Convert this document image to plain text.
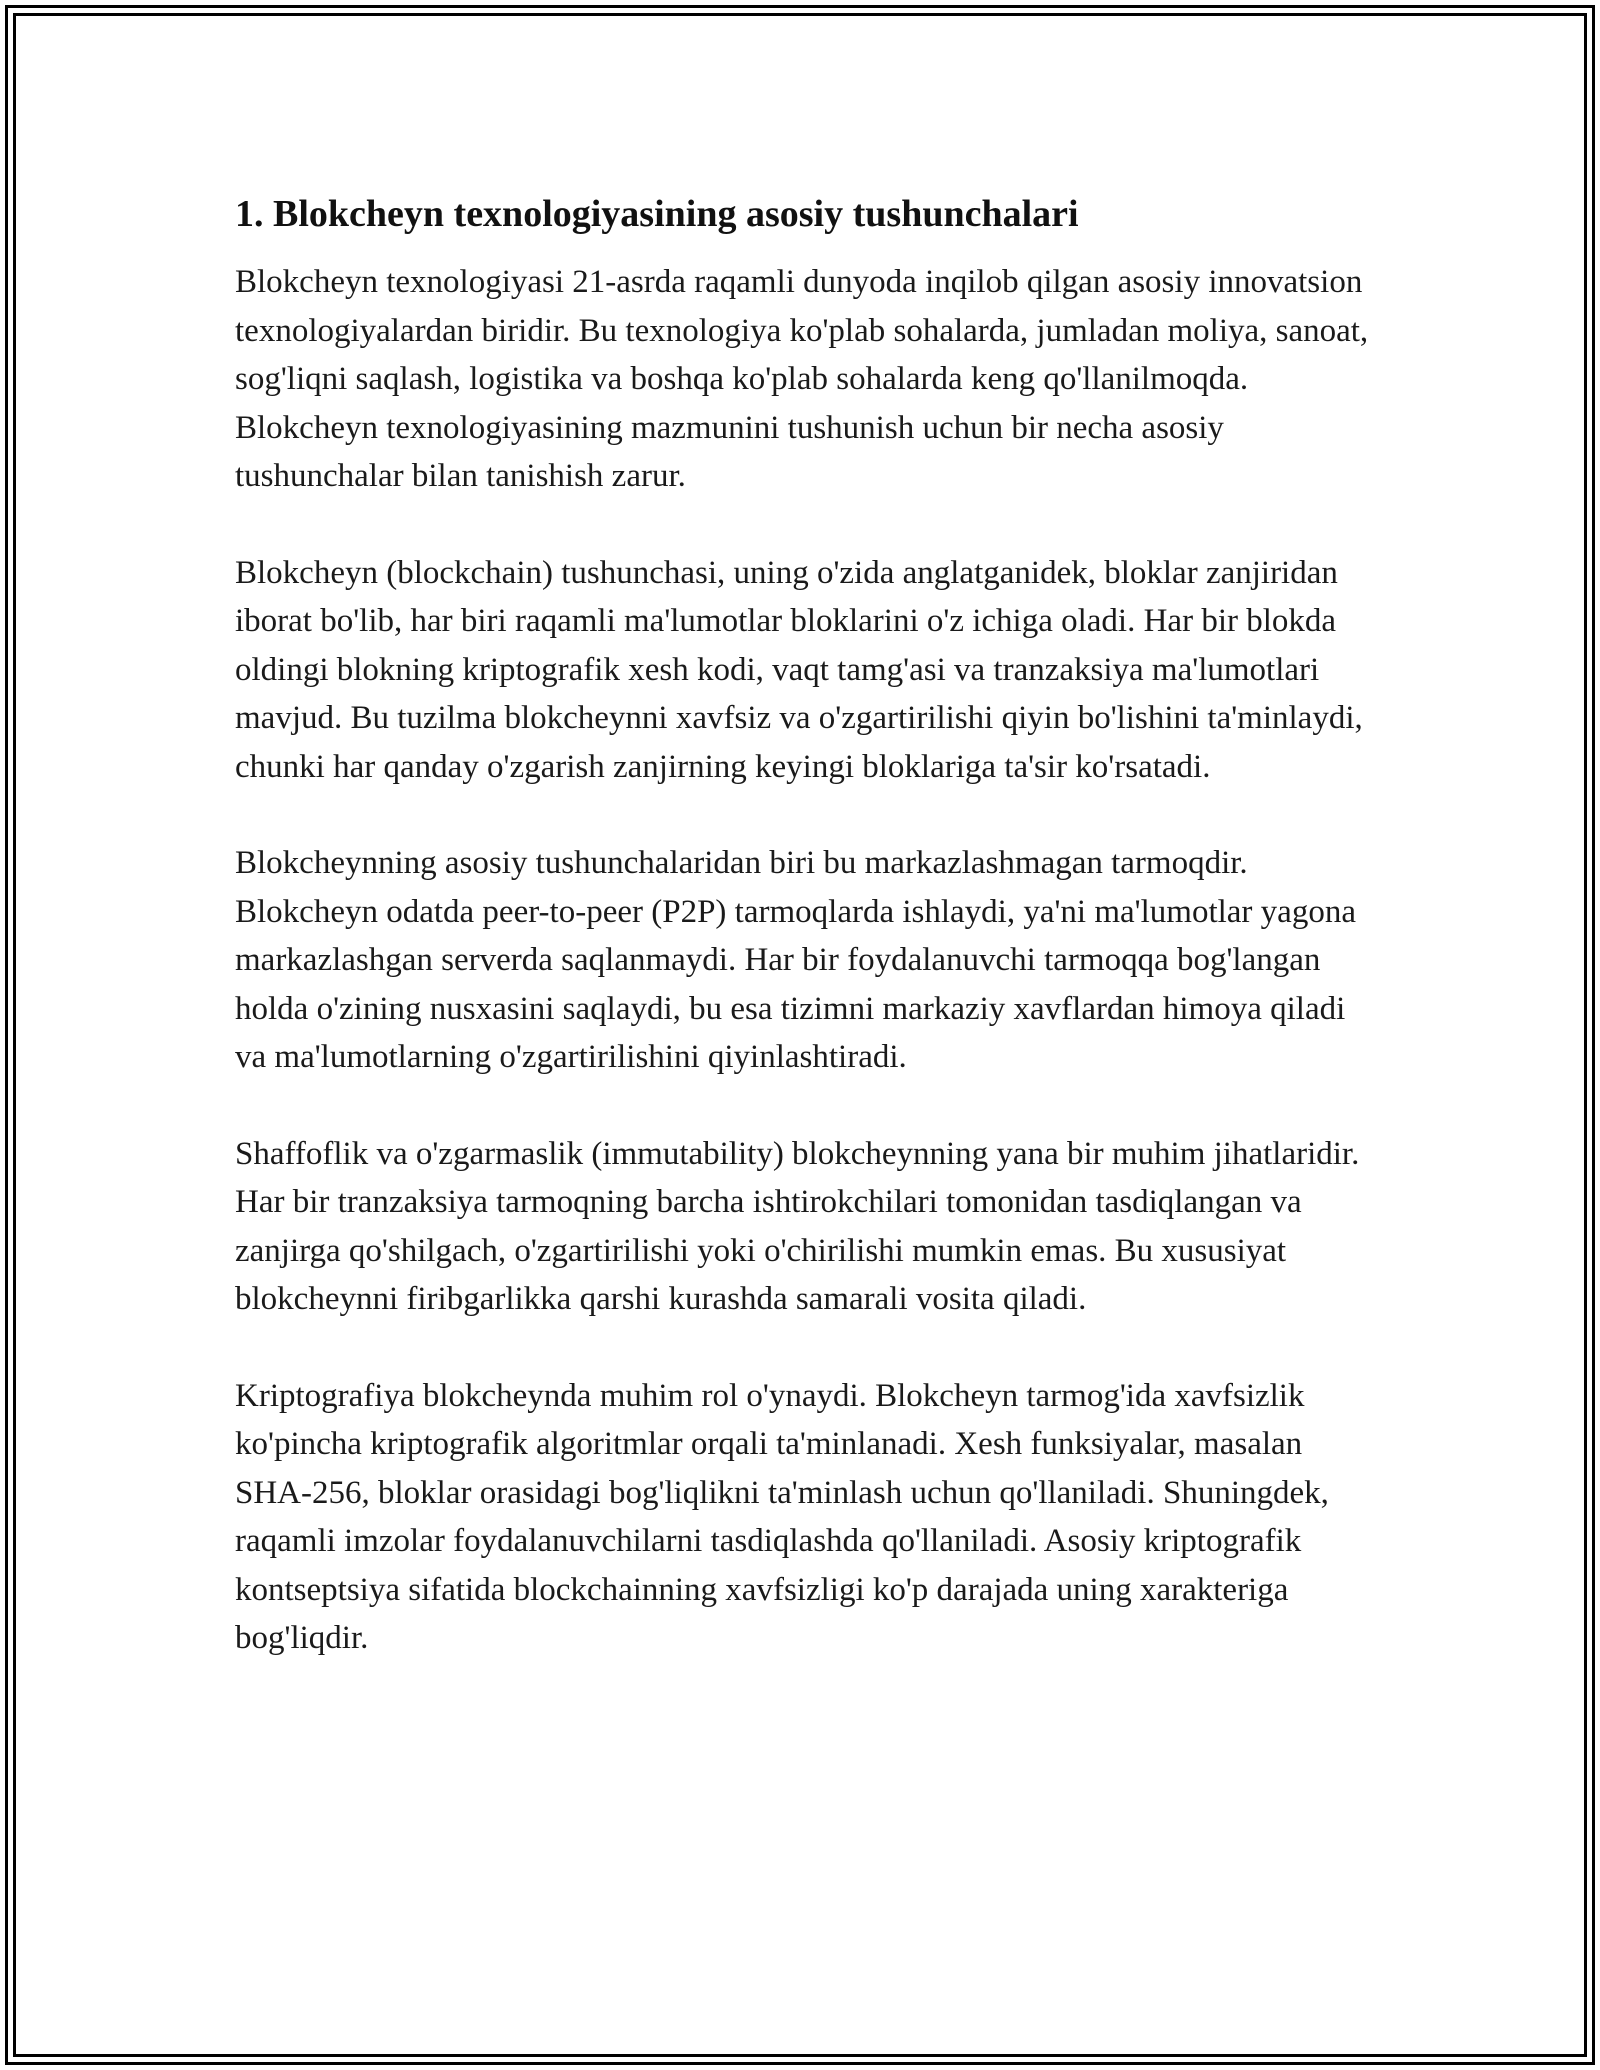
1. Blokcheyn texnologiyasining asosiy tushunchalari

Blokcheyn texnologiyasi 21-asrda raqamli dunyoda inqilob qilgan asosiy innovatsion texnologiyalardan biridir. Bu texnologiya ko'plab sohalarda, jumladan moliya, sanoat, sog'liqni saqlash, logistika va boshqa ko'plab sohalarda keng qo'llanilmoqda. Blokcheyn texnologiyasining mazmunini tushunish uchun bir necha asosiy tushunchalar bilan tanishish zarur.

Blokcheyn (blockchain) tushunchasi, uning o'zida anglatganidek, bloklar zanjiridan iborat bo'lib, har biri raqamli ma'lumotlar bloklarini o'z ichiga oladi. Har bir blokda oldingi blokning kriptografik xesh kodi, vaqt tamg'asi va tranzaksiya ma'lumotlari mavjud. Bu tuzilma blokcheynni xavfsiz va o'zgartirilishi qiyin bo'lishini ta'minlaydi, chunki har qanday o'zgarish zanjirning keyingi bloklariga ta'sir ko'rsatadi.

Blokcheynning asosiy tushunchalaridan biri bu markazlashmagan tarmoqdir. Blokcheyn odatda peer-to-peer (P2P) tarmoqlarda ishlaydi, ya'ni ma'lumotlar yagona markazlashgan serverda saqlanmaydi. Har bir foydalanuvchi tarmoqqa bog'langan holda o'zining nusxasini saqlaydi, bu esa tizimni markaziy xavflardan himoya qiladi va ma'lumotlarning o'zgartirilishini qiyinlashtiradi.

Shaffoflik va o'zgarmaslik (immutability) blokcheynning yana bir muhim jihatlaridir. Har bir tranzaksiya tarmoqning barcha ishtirokchilari tomonidan tasdiqlangan va zanjirga qo'shilgach, o'zgartirilishi yoki o'chirilishi mumkin emas. Bu xususiyat blokcheynni firibgarlikka qarshi kurashda samarali vosita qiladi.

Kriptografiya blokcheynda muhim rol o'ynaydi. Blokcheyn tarmog'ida xavfsizlik ko'pincha kriptografik algoritmlar orqali ta'minlanadi. Xesh funksiyalar, masalan SHA-256, bloklar orasidagi bog'liqlikni ta'minlash uchun qo'llaniladi. Shuningdek, raqamli imzolar foydalanuvchilarni tasdiqlashda qo'llaniladi. Asosiy kriptografik kontseptsiya sifatida blockchainning xavfsizligi ko'p darajada uning xarakteriga bog'liqdir.
